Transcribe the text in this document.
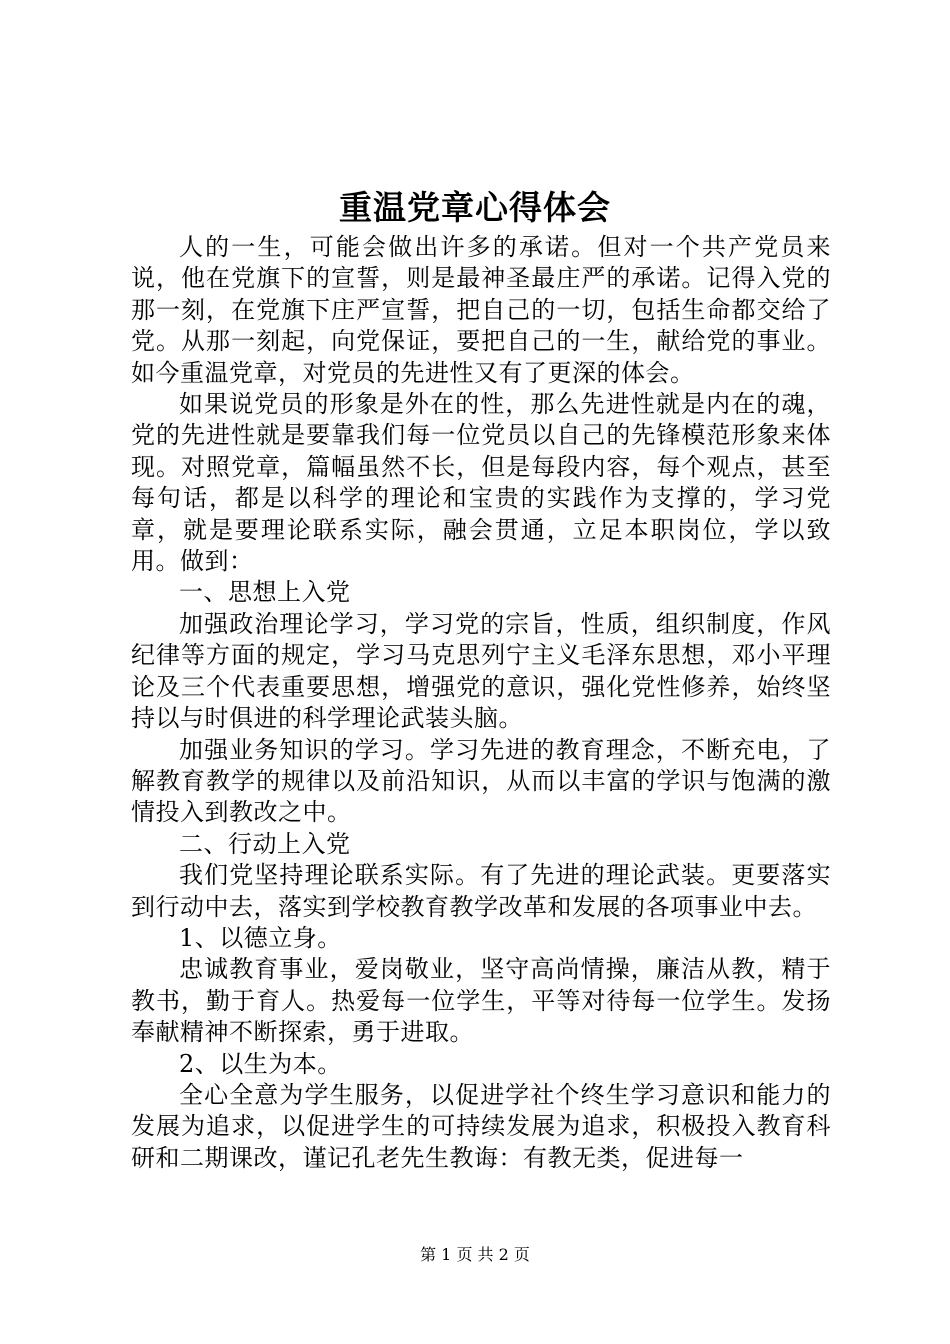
重温党章心得体会

人的一生，可能会做出许多的承诺。但对一个共产党员来说，他在党旗下的宣誓，则是最神圣最庄严的承诺。记得入党的那一刻，在党旗下庄严宣誓，把自己的一切，包括生命都交给了党。从那一刻起，向党保证，要把自己的一生，献给党的事业。如今重温党章，对党员的先进性又有了更深的体会。

如果说党员的形象是外在的性，那么先进性就是内在的魂，党的先进性就是要靠我们每一位党员以自己的先锋模范形象来体现。对照党章，篇幅虽然不长，但是每段内容，每个观点，甚至每句话，都是以科学的理论和宝贵的实践作为支撑的，学习党章，就是要理论联系实际，融会贯通，立足本职岗位，学以致用。做到：

一、思想上入党

加强政治理论学习，学习党的宗旨，性质，组织制度，作风纪律等方面的规定，学习马克思列宁主义毛泽东思想，邓小平理论及三个代表重要思想，增强党的意识，强化党性修养，始终坚持以与时俱进的科学理论武装头脑。

加强业务知识的学习。学习先进的教育理念，不断充电，了解教育教学的规律以及前沿知识，从而以丰富的学识与饱满的激情投入到教改之中。

二、行动上入党

我们党坚持理论联系实际。有了先进的理论武装。更要落实到行动中去，落实到学校教育教学改革和发展的各项事业中去。

1、以德立身。

忠诚教育事业，爱岗敬业，坚守高尚情操，廉洁从教，精于教书，勤于育人。热爱每一位学生，平等对待每一位学生。发扬奉献精神不断探索，勇于进取。

2、以生为本。

全心全意为学生服务，以促进学社个终生学习意识和能力的发展为追求，以促进学生的可持续发展为追求，积极投入教育科研和二期课改，谨记孔老先生教诲：有教无类，促进每一

第 1 页 共 2 页
